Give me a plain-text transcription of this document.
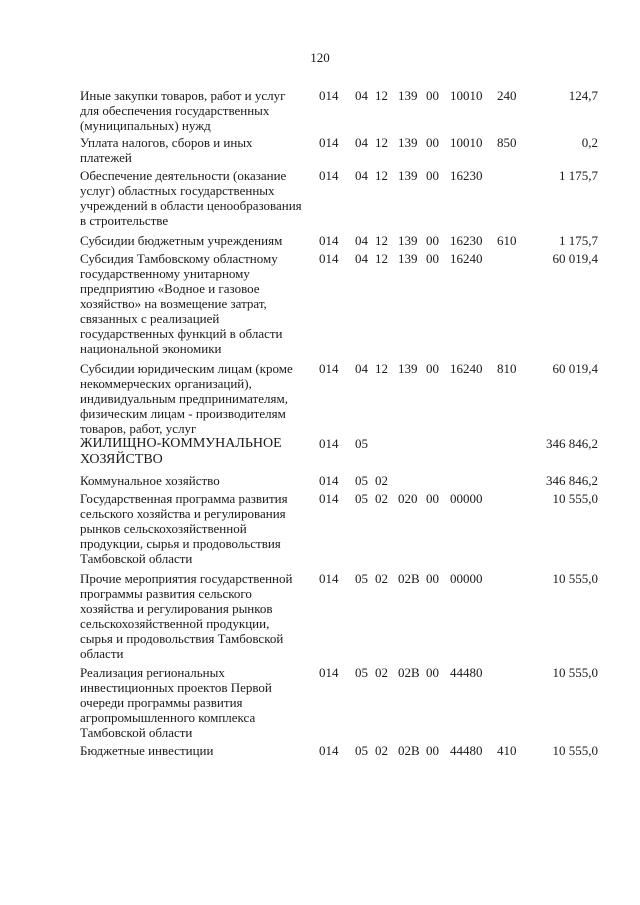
120
Иные закупки товаров, работ и услуг для обеспечения государственных (муниципальных) нужд
014 04 12 13 9 00 10010 240	124,7
Уплата налогов, сборов и иных платежей
014 04 12 13 9 00 10010 850	0,2
Обеспечение деятельности (оказание услуг) областных государственных учреждений в области ценообразования в строительстве
014 04 12 13 9 00 16230	1 175,7
Субсидии бюджетным учреждениям	014 04 12 13 9 00 16230 610	1 175,7
Субсидия Тамбовскому областному государственному унитарному предприятию «Водное и газовое хозяйство» на возмещение затрат, связанных с реализацией государственных функций в области национальной экономики
014 04 12 13 9 00 16240	60 019,4
Субсидии юридическим лицам (кроме некоммерческих организаций), индивидуальным предпринимателям, физическим лицам - производителям товаров, работ, услуг
014 04 12 13 9 00 16240 810	60 019,4
ЖИЛИЩНО-КОММУНАЛЬНОЕ ХОЗЯЙСТВО
014 05	346 846,2
Коммунальное хозяйство	014 05 02	346 846,2
Государственная программа развития сельского хозяйства и регулирования рынков сельскохозяйственной продукции, сырья и продовольствия Тамбовской области
014 05 02 02 0 00 00000	10 555,0
Прочие мероприятия государственной программы развития сельского хозяйства и регулирования рынков сельскохозяйственной продукции, сырья и продовольствия Тамбовской области
014 05 02 02 В 00 00000	10 555,0
Реализация региональных инвестиционных проектов Первой очереди программы развития агропромышленного комплекса Тамбовской области
014 05 02 02 В 00 44480	10 555,0
Бюджетные инвестиции	014 05 02 02 В 00 44480 410	10 555,0
